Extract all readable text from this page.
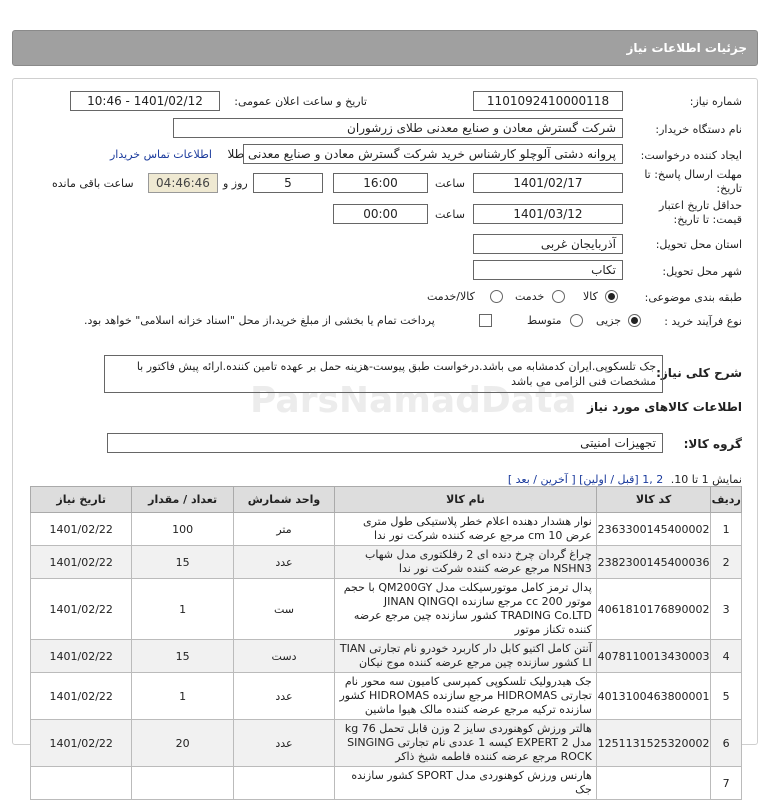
جزئیات اطلاعات نیاز
ParsNamadData
شماره نیاز:
1101092410000118
تاریخ و ساعت اعلان عمومی:
1401/02/12 - 10:46
نام دستگاه خریدار:
شرکت گسترش معادن و صنایع معدنی طلای زرشوران
ایجاد کننده درخواست:
پروانه دشتی آلوچلو کارشناس خرید شرکت گسترش معادن و صنایع معدنی طلا
اطلاعات تماس خریدار
مهلت ارسال پاسخ: تا تاریخ:
1401/02/17
ساعت
16:00
5
روز و
04:46:46
ساعت باقی مانده
حداقل تاریخ اعتبار قیمت: تا تاریخ:
1401/03/12
ساعت
00:00
استان محل تحویل:
آذربایجان غربی
شهر محل تحویل:
تکاب
طبقه بندی موضوعی:
کالا
خدمت
کالا/خدمت
نوع فرآیند خرید :
جزیی
متوسط
پرداخت تمام یا بخشی از مبلغ خرید،از محل "اسناد خزانه اسلامی" خواهد بود.
شرح کلی نیاز:
جک تلسکوپی.ایران کدمشابه می باشد.درخواست طبق پیوست-هزینه حمل بر عهده تامین کننده.ارائه پیش فاکتور با مشخصات فنی الزامی می باشد
اطلاعات کالاهای مورد نیاز
گروه کالا:
تجهیزات امنیتی
نمایش 1 تا 10. [ آخرین / بعد ] 2 ,1 [قبل / اولین]
ردیف	کد کالا	نام کالا	واحد شمارش	تعداد / مقدار	تاریخ نیاز
1	2363300145400002	نوار هشدار دهنده اعلام خطر پلاستیکی طول متری عرض 10 cm مرجع عرضه کننده شرکت نور ندا	متر	100	1401/02/22
2	2382300145400036	چراغ گردان چرخ دنده ای 2 رفلکتوری مدل شهاب NSHN3 مرجع عرضه کننده شرکت نور ندا	عدد	15	1401/02/22
3	4061810176890002	پدال ترمز کامل موتورسیکلت مدل QM200GY با حجم موتور 200 cc مرجع سازنده JINAN QINGQI TRADING Co.LTD کشور سازنده چین مرجع عرضه کننده تکناز موتور	ست	1	1401/02/22
4	4078110013430003	آنتن کامل اکتیو کابل دار کاربرد خودرو نام تجارتی TIAN LI کشور سازنده چین مرجع عرضه کننده موج نیکان	دست	15	1401/02/22
5	4013100463800001	جک هیدرولیک تلسکوپی کمپرسی کامیون سه محور نام تجارتی HIDROMAS مرجع سازنده HIDROMAS کشور سازنده ترکیه مرجع عرضه کننده مالک هیوا ماشین	عدد	1	1401/02/22
6	1251131525320002	هالتر ورزش کوهنوردی سایز 2 وزن قابل تحمل 76 kg مدل EXPERT 2 کیسه 1 عددی نام تجارتی SINGING ROCK مرجع عرضه کننده فاطمه شیخ ذاکر	عدد	20	1401/02/22
7		هارنس ورزش کوهنوردی مدل SPORT کشور سازنده جک			
